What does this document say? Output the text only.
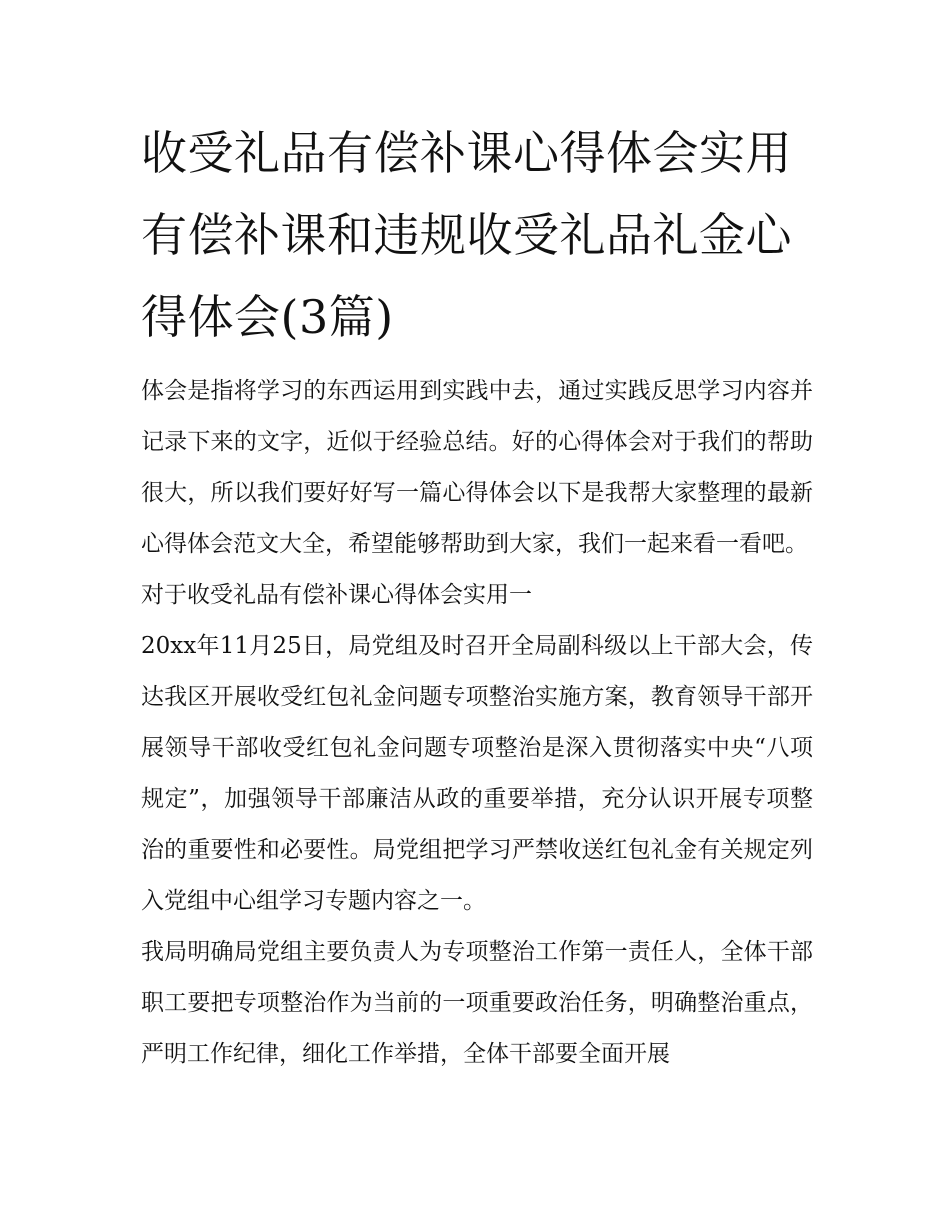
收受礼品有偿补课心得体会实用 有偿补课和违规收受礼品礼金心得体会(3篇)

体会是指将学习的东西运用到实践中去，通过实践反思学习内容并记录下来的文字，近似于经验总结。好的心得体会对于我们的帮助很大，所以我们要好好写一篇心得体会以下是我帮大家整理的最新心得体会范文大全，希望能够帮助到大家，我们一起来看一看吧。

对于收受礼品有偿补课心得体会实用一

20xx年11月25日，局党组及时召开全局副科级以上干部大会，传达我区开展收受红包礼金问题专项整治实施方案，教育领导干部开展领导干部收受红包礼金问题专项整治是深入贯彻落实中央“八项规定”，加强领导干部廉洁从政的重要举措，充分认识开展专项整治的重要性和必要性。局党组把学习严禁收送红包礼金有关规定列入党组中心组学习专题内容之一。

我局明确局党组主要负责人为专项整治工作第一责任人，全体干部职工要把专项整治作为当前的一项重要政治任务，明确整治重点，严明工作纪律，细化工作举措，全体干部要全面开展
